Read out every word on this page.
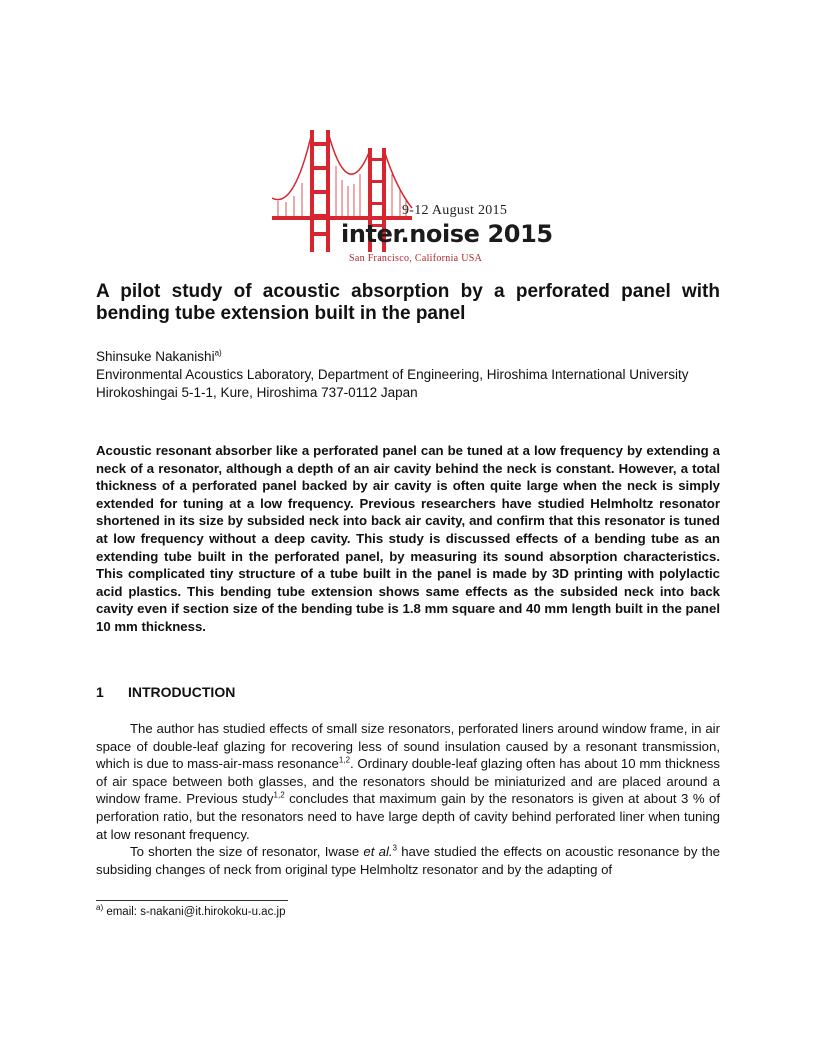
9-12 August 2015
inter.noise 2015
San Francisco, California USA
A pilot study of acoustic absorption by a perforated panel with bending tube extension built in the panel

Shinsuke Nakanishi$^{a)}$

Environmental Acoustics Laboratory, Department of Engineering, Hiroshima International University

Hirokoshingai 5-1-1, Kure, Hiroshima 737-0112 Japan

Acoustic resonant absorber like a perforated panel can be tuned at a low frequency by extending a neck of a resonator, although a depth of an air cavity behind the neck is constant. However, a total thickness of a perforated panel backed by air cavity is often quite large when the neck is simply extended for tuning at a low frequency. Previous researchers have studied Helmholtz resonator shortened in its size by subsided neck into back air cavity, and confirm that this resonator is tuned at low frequency without a deep cavity. This study is discussed effects of a bending tube as an extending tube built in the perforated panel, by measuring its sound absorption characteristics. This complicated tiny structure of a tube built in the panel is made by 3D printing with polylactic acid plastics. This bending tube extension shows same effects as the subsided neck into back cavity even if section size of the bending tube is 1.8 mm square and 40 mm length built in the panel 10 mm thickness.

1 INTRODUCTION

The author has studied effects of small size resonators, perforated liners around window frame, in air space of double-leaf glazing for recovering less of sound insulation caused by a resonant transmission, which is due to mass-air-mass resonance$^{1,2}$. Ordinary double-leaf glazing often has about 10 mm thickness of air space between both glasses, and the resonators should be miniaturized and are placed around a window frame. Previous study$^{1,2}$ concludes that maximum gain by the resonators is given at about 3 % of perforation ratio, but the resonators need to have large depth of cavity behind perforated liner when tuning at low resonant frequency.

To shorten the size of resonator, Iwase et al.$^3$ have studied the effects on acoustic resonance by the subsiding changes of neck from original type Helmholtz resonator and by the adapting of

$^{a)}$ email: s-nakani@it.hirokoku-u.ac.jp
